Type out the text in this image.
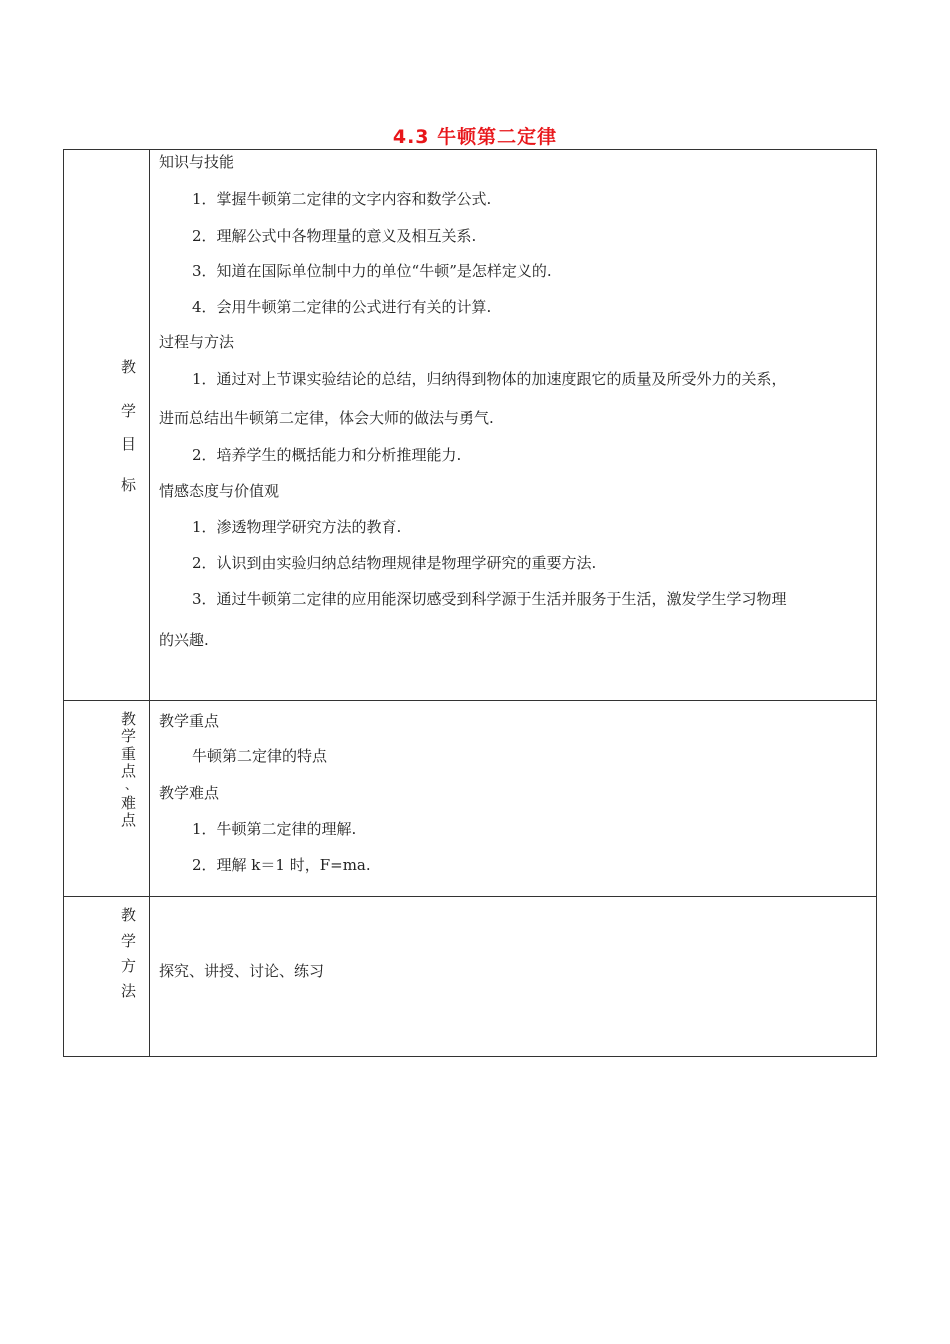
4.3 牛顿第二定律
教
学
目
标
知识与技能
1．掌握牛顿第二定律的文字内容和数学公式.
2．理解公式中各物理量的意义及相互关系.
3．知道在国际单位制中力的单位“牛顿”是怎样定义的.
4．会用牛顿第二定律的公式进行有关的计算.
过程与方法
1．通过对上节课实验结论的总结，归纳得到物体的加速度跟它的质量及所受外力的关系，
进而总结出牛顿第二定律，体会大师的做法与勇气.
2．培养学生的概括能力和分析推理能力.
情感态度与价值观
1．渗透物理学研究方法的教育.
2．认识到由实验归纳总结物理规律是物理学研究的重要方法.
3．通过牛顿第二定律的应用能深切感受到科学源于生活并服务于生活，激发学生学习物理
的兴趣.
教
学
重
点
、
难
点
教学重点
牛顿第二定律的特点
教学难点
1．牛顿第二定律的理解.
2．理解 k＝1 时，F=ma.
教
学
方
法
探究、讲授、讨论、练习
